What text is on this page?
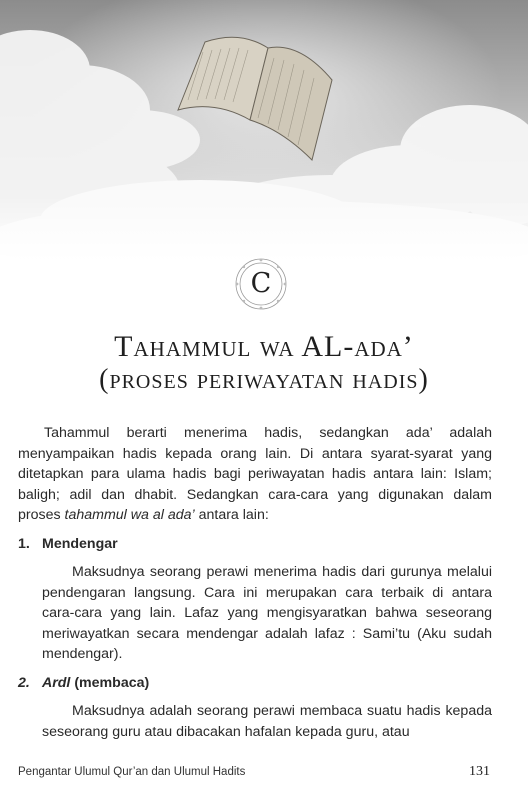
C
Tahammul wa AL-ada’
(proses periwayatan hadis)

Tahammul berarti menerima hadis, sedangkan ada’ adalah menyampaikan hadis kepada orang lain. Di antara syarat-syarat yang ditetapkan para ulama hadis bagi periwayatan hadis antara lain: Islam; baligh; adil dan dhabit. Sedangkan cara-cara yang digunakan dalam proses tahammul wa al ada’ antara lain:

1. Mendengar

Maksudnya seorang perawi menerima hadis dari gurunya melalui pendengaran langsung. Cara ini merupakan cara terbaik di antara cara-cara yang lain. Lafaz yang mengisyaratkan bahwa seseorang meriwayatkan secara mendengar adalah lafaz : Sami’tu (Aku sudah mendengar).

2. Ardl (membaca)

Maksudnya adalah seorang perawi membaca suatu hadis kepada seseorang guru atau dibacakan hafalan kepada guru, atau

Pengantar Ulumul Qur’an dan Ulumul Hadits	131
